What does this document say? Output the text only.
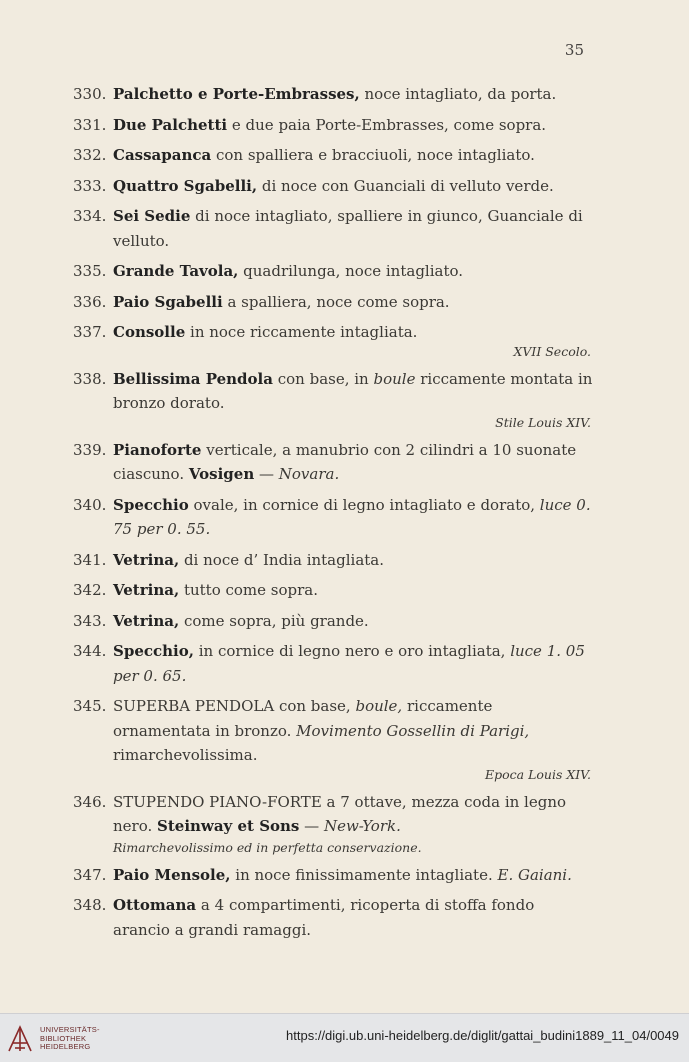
35
330. Palchetto e Porte-Embrasses, noce intagliato, da porta.
331. Due Palchetti e due paia Porte-Embrasses, come sopra.
332. Cassapanca con spalliera e bracciuoli, noce intagliato.
333. Quattro Sgabelli, di noce con Guanciali di velluto verde.
334. Sei Sedie di noce intagliato, spalliere in giunco, Guanciale di velluto.
335. Grande Tavola, quadrilunga, noce intagliato.
336. Paio Sgabelli a spalliera, noce come sopra.
337. Consolle in noce riccamente intagliata.
XVII Secolo.
338. Bellissima Pendola con base, in boule riccamente montata in bronzo dorato.
Stile Louis XIV.
339. Pianoforte verticale, a manubrio con 2 cilindri a 10 suonate ciascuno. Vosigen — Novara.
340. Specchio ovale, in cornice di legno intagliato e dorato, luce 0. 75 per 0. 55.
341. Vetrina, di noce d’ India intagliata.
342. Vetrina, tutto come sopra.
343. Vetrina, come sopra, più grande.
344. Specchio, in cornice di legno nero e oro intagliata, luce 1. 05 per 0. 65.
345. SUPERBA PENDOLA con base, boule, riccamente ornamentata in bronzo. Movimento Gossellin di Parigi, rimarchevolissima.
Epoca Louis XIV.
346. STUPENDO PIANO-FORTE a 7 ottave, mezza coda in legno nero. Steinway et Sons — New-York.
Rimarchevolissimo ed in perfetta conservazione.
347. Paio Mensole, in noce finissimamente intagliate. E. Gaiani.
348. Ottomana a 4 compartimenti, ricoperta di stoffa fondo arancio a grandi ramaggi.
UNIVERSITÄTS-
BIBLIOTHEK
HEIDELBERG
https://digi.ub.uni-heidelberg.de/diglit/gattai_budini1889_11_04/0049
